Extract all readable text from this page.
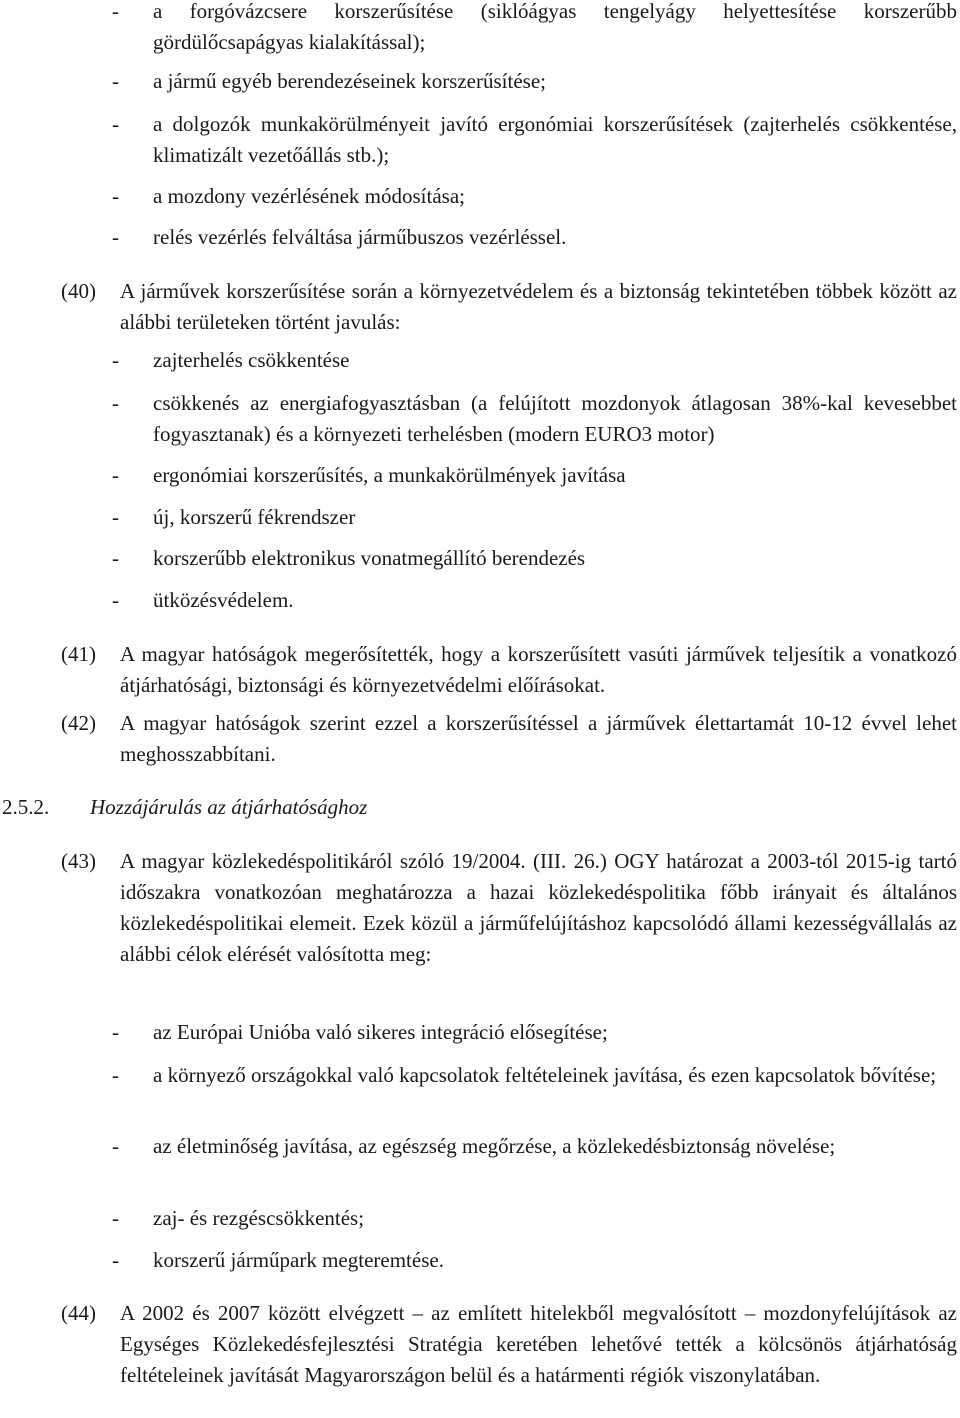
- a forgóvázcsere korszerűsítése (siklóágyas tengelyágy helyettesítése korszerűbb gördülőcsapágyas kialakítással);
- a jármű egyéb berendezéseinek korszerűsítése;
- a dolgozók munkakörülményeit javító ergonómiai korszerűsítések (zajterhelés csökkentése, klimatizált vezetőállás stb.);
- a mozdony vezérlésének módosítása;
- relés vezérlés felváltása járműbuszos vezérléssel.
(40) A járművek korszerűsítése során a környezetvédelem és a biztonság tekintetében többek között az alábbi területeken történt javulás:
- zajterhelés csökkentése
- csökkenés az energiafogyasztásban (a felújított mozdonyok átlagosan 38%-kal kevesebbet fogyasztanak) és a környezeti terhelésben (modern EURO3 motor)
- ergonómiai korszerűsítés, a munkakörülmények javítása
- új, korszerű fékrendszer
- korszerűbb elektronikus vonatmegállító berendezés
- ütközésvédelem.
(41) A magyar hatóságok megerősítették, hogy a korszerűsített vasúti járművek teljesítik a vonatkozó átjárhatósági, biztonsági és környezetvédelmi előírásokat.
(42) A magyar hatóságok szerint ezzel a korszerűsítéssel a járművek élettartamát 10-12 évvel lehet meghosszabbítani.
2.5.2. Hozzájárulás az átjárhatósághoz
(43) A magyar közlekedéspolitikáról szóló 19/2004. (III. 26.) OGY határozat a 2003-tól 2015-ig tartó időszakra vonatkozóan meghatározza a hazai közlekedéspolitika főbb irányait és általános közlekedéspolitikai elemeit. Ezek közül a járműfelújításhoz kapcsolódó állami kezességvállalás az alábbi célok elérését valósította meg:
- az Európai Unióba való sikeres integráció elősegítése;
- a környező országokkal való kapcsolatok feltételeinek javítása, és ezen kapcsolatok bővítése;
- az életminőség javítása, az egészség megőrzése, a közlekedésbiztonság növelése;
- zaj- és rezgéscsökkentés;
- korszerű járműpark megteremtése.
(44) A 2002 és 2007 között elvégzett – az említett hitelekből megvalósított – mozdonyfelújítások az Egységes Közlekedésfejlesztési Stratégia keretében lehetővé tették a kölcsönös átjárhatóság feltételeinek javítását Magyarországon belül és a határmenti régiók viszonylatában.
